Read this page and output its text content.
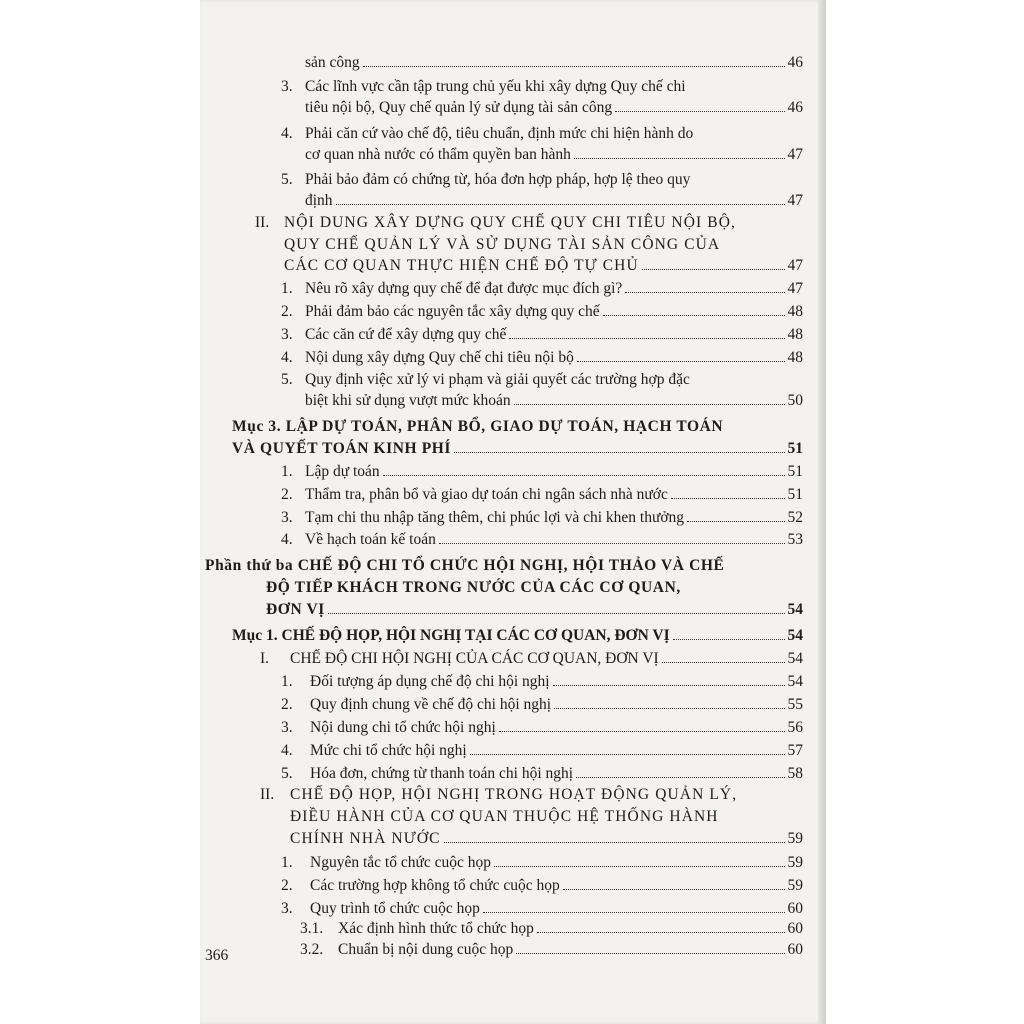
sản công	46
3. Các lĩnh vực cần tập trung chủ yếu khi xây dựng Quy chế chi
tiêu nội bộ, Quy chế quản lý sử dụng tài sản công	46
4. Phải căn cứ vào chế độ, tiêu chuẩn, định mức chi hiện hành do
cơ quan nhà nước có thẩm quyền ban hành	47
5. Phải bảo đảm có chứng từ, hóa đơn hợp pháp, hợp lệ theo quy
định	47
II. NỘI DUNG XÂY DỰNG QUY CHẾ QUY CHI TIÊU NỘI BỘ,
QUY CHẾ QUẢN LÝ VÀ SỬ DỤNG TÀI SẢN CÔNG CỦA
CÁC CƠ QUAN THỰC HIỆN CHẾ ĐỘ TỰ CHỦ	47
1. Nêu rõ xây dựng quy chế để đạt được mục đích gì?	47
2. Phải đảm bảo các nguyên tắc xây dựng quy chế	48
3. Các căn cứ để xây dựng quy chế	48
4. Nội dung xây dựng Quy chế chi tiêu nội bộ	48
5. Quy định việc xử lý vi phạm và giải quyết các trường hợp đặc
biệt khi sử dụng vượt mức khoán	50
Mục 3. LẬP DỰ TOÁN, PHÂN BỔ, GIAO DỰ TOÁN, HẠCH TOÁN
VÀ QUYẾT TOÁN KINH PHÍ	51
1. Lập dự toán	51
2. Thẩm tra, phân bổ và giao dự toán chi ngân sách nhà nước	51
3. Tạm chi thu nhập tăng thêm, chi phúc lợi và chi khen thưởng	52
4. Về hạch toán kế toán	53
Phần thứ ba CHẾ ĐỘ CHI TỔ CHỨC HỘI NGHỊ, HỘI THẢO VÀ CHẾ
ĐỘ TIẾP KHÁCH TRONG NƯỚC CỦA CÁC CƠ QUAN,
ĐƠN VỊ	54
Mục 1. CHẾ ĐỘ HỌP, HỘI NGHỊ TẠI CÁC CƠ QUAN, ĐƠN VỊ	54
I. CHẾ ĐỘ CHI HỘI NGHỊ CỦA CÁC CƠ QUAN, ĐƠN VỊ	54
1. Đối tượng áp dụng chế độ chi hội nghị	54
2. Quy định chung về chế độ chi hội nghị	55
3. Nội dung chi tổ chức hội nghị	56
4. Mức chi tổ chức hội nghị	57
5. Hóa đơn, chứng từ thanh toán chi hội nghị	58
II. CHẾ ĐỘ HỌP, HỘI NGHỊ TRONG HOẠT ĐỘNG QUẢN LÝ,
ĐIỀU HÀNH CỦA CƠ QUAN THUỘC HỆ THỐNG HÀNH
CHÍNH NHÀ NƯỚC	59
1. Nguyên tắc tổ chức cuộc họp	59
2. Các trường hợp không tổ chức cuộc họp	59
3. Quy trình tổ chức cuộc họp	60
3.1. Xác định hình thức tổ chức họp	60
3.2. Chuẩn bị nội dung cuộc họp	60
366
